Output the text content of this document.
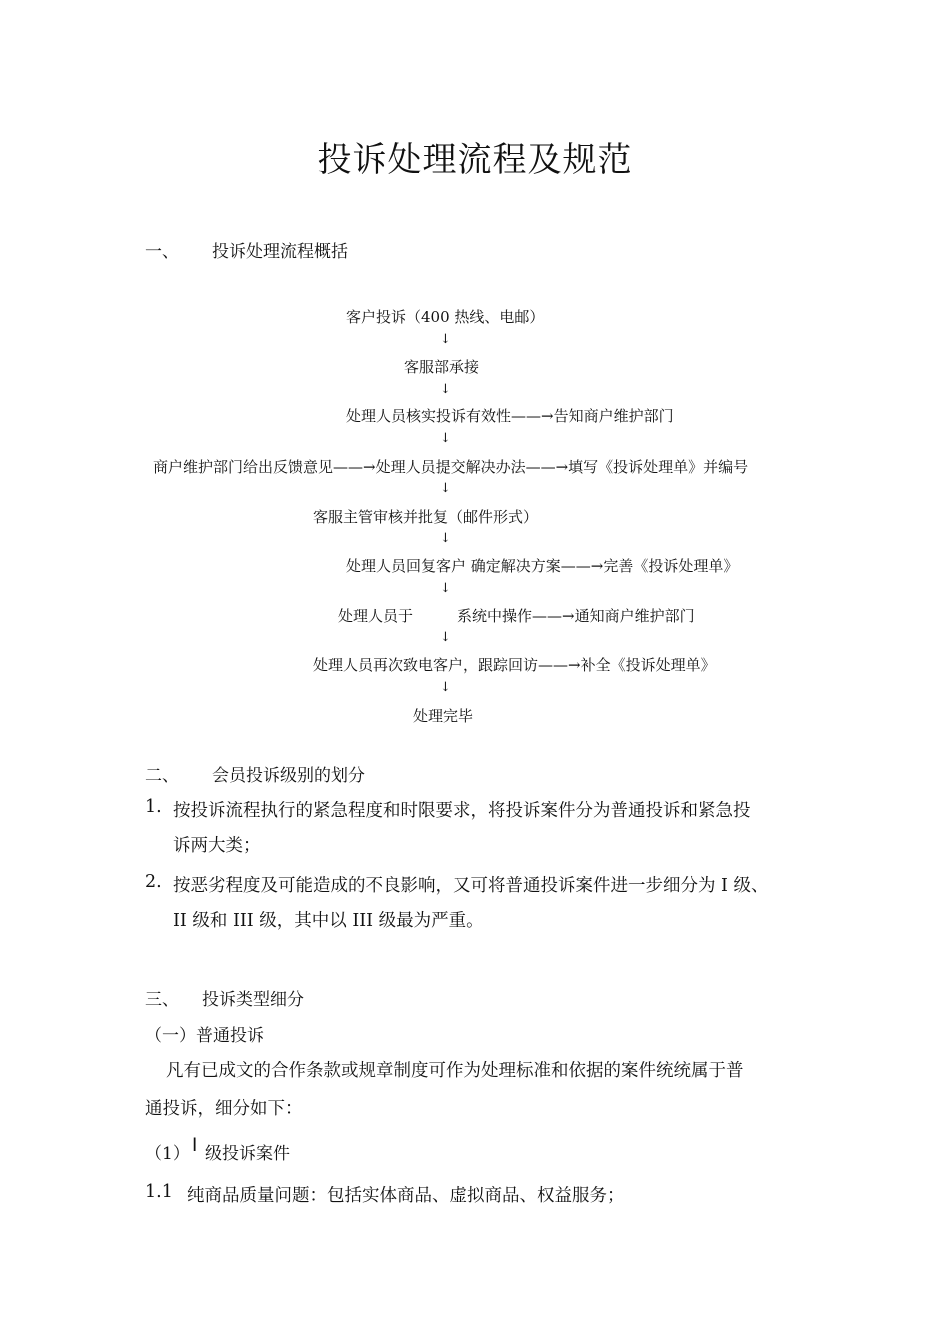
投诉处理流程及规范
一、 投诉处理流程概括
客户投诉（400 热线、电邮）
↓
客服部承接
↓
处理人员核实投诉有效性——→告知商户维护部门
↓
商户维护部门给出反馈意见——→处理人员提交解决办法——→填写《投诉处理单》并编号
↓
客服主管审核并批复（邮件形式）
↓
处理人员回复客户 确定解决方案——→完善《投诉处理单》
↓
处理人员于	系统中操作——→通知商户维护部门
↓
处理人员再次致电客户，跟踪回访——→补全《投诉处理单》
↓
处理完毕
二、 会员投诉级别的划分
1. 按投诉流程执行的紧急程度和时限要求，将投诉案件分为普通投诉和紧急投
诉两大类；
2. 按恶劣程度及可能造成的不良影响，又可将普通投诉案件进一步细分为 I 级、
II 级和 III 级，其中以 III 级最为严重。
三、 投诉类型细分
（一）普通投诉
凡有已成文的合作条款或规章制度可作为处理标准和依据的案件统统属于普
通投诉，细分如下：
（1） I 级投诉案件
1.1 纯商品质量问题：包括实体商品、虚拟商品、权益服务；
